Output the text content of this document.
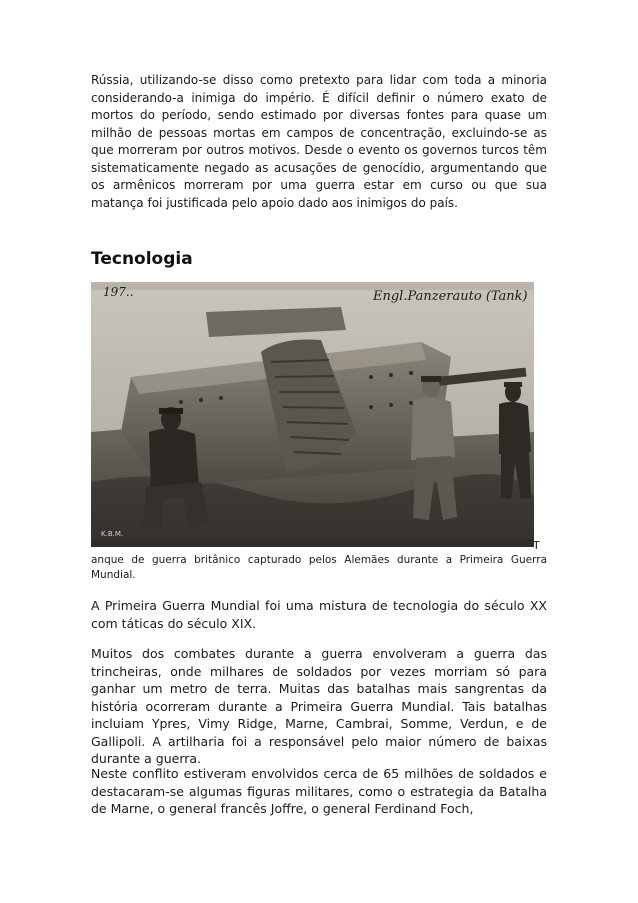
Rússia, utilizando-se disso como pretexto para lidar com toda a minoria considerando-a inimiga do império. É difícil definir o número exato de mortos do período, sendo estimado por diversas fontes para quase um milhão de pessoas mortas em campos de concentração, excluindo-se as que morreram por outros motivos. Desde o evento os governos turcos têm sistematicamente negado as acusações de genocídio, argumentando que os armênicos morreram por uma guerra estar em curso ou que sua matança foi justificada pelo apoio dado aos inimigos do país.

Tecnologia
197..	Engl.Panzerauto (Tank)
K.B.M.
T

anque de guerra britânico capturado pelos Alemães durante a Primeira Guerra Mundial.

A Primeira Guerra Mundial foi uma mistura de tecnologia do século XX com táticas do século XIX.

Muitos dos combates durante a guerra envolveram a guerra das trincheiras, onde milhares de soldados por vezes morriam só para ganhar um metro de terra. Muitas das batalhas mais sangrentas da história ocorreram durante a Primeira Guerra Mundial. Tais batalhas incluiam Ypres, Vimy Ridge, Marne, Cambrai, Somme, Verdun, e de Gallipoli. A artilharia foi a responsável pelo maior número de baixas durante a guerra.

Neste conflito estiveram envolvidos cerca de 65 milhões de soldados e destacaram-se algumas figuras militares, como o estrategia da Batalha de Marne, o general francês Joffre, o general Ferdinand Foch,
